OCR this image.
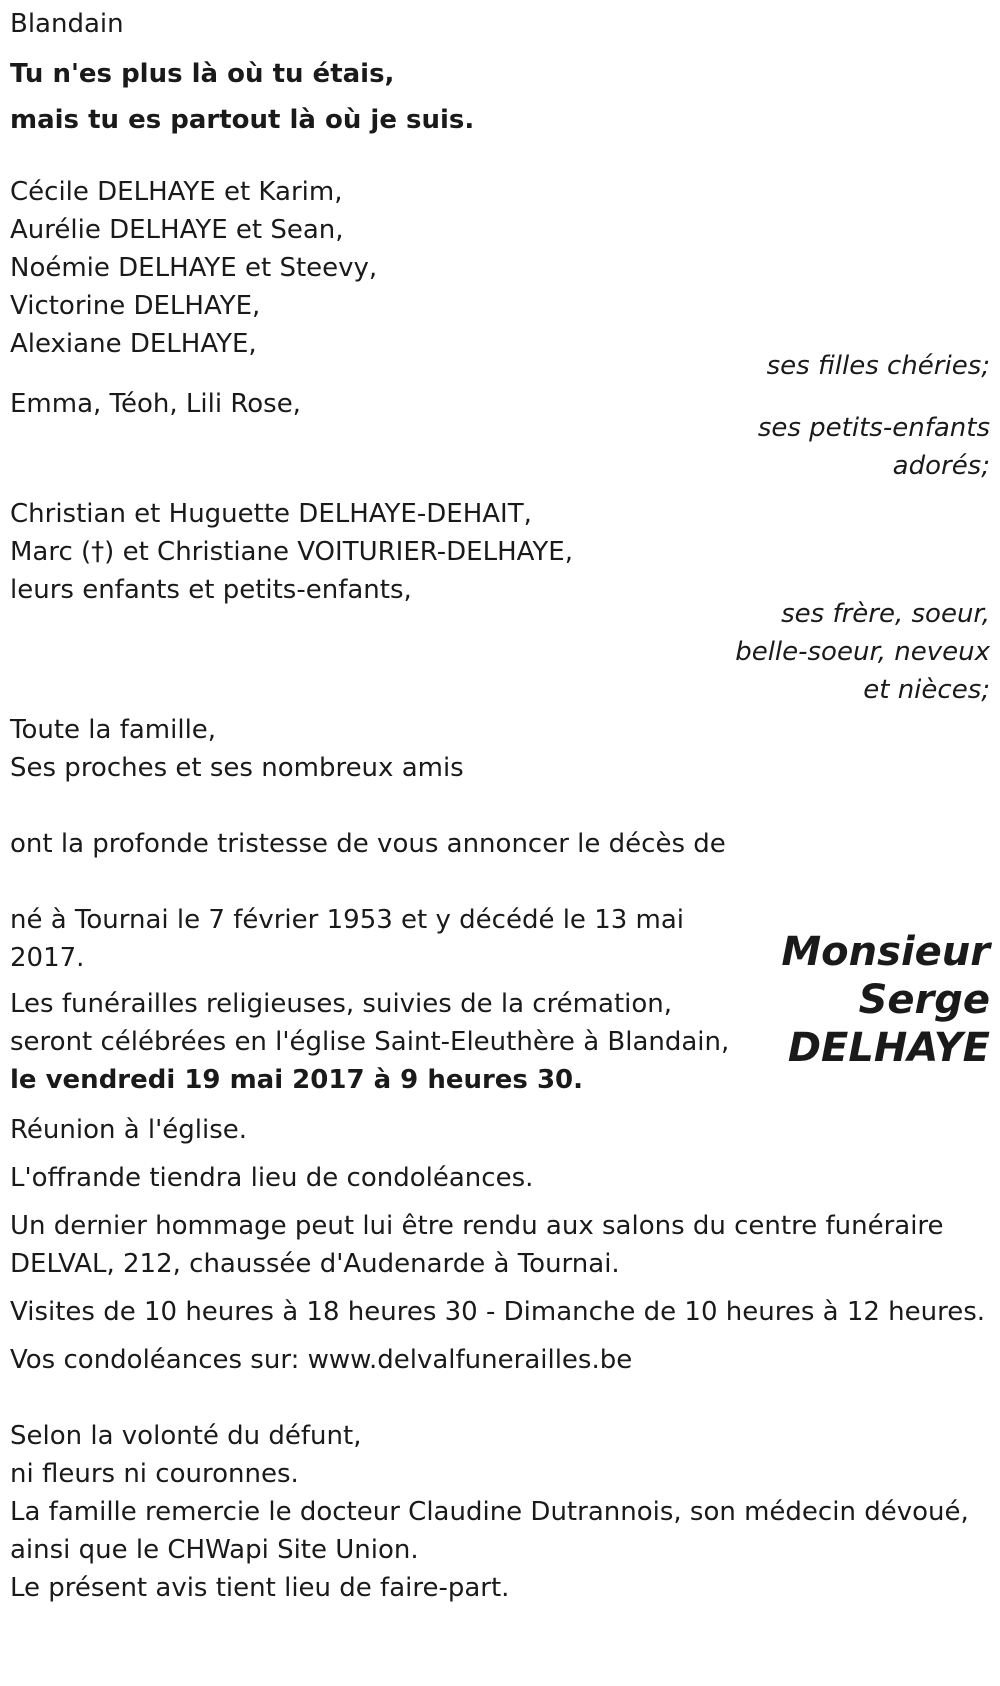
Blandain
Tu n'es plus là où tu étais,
mais tu es partout là où je suis.
Cécile DELHAYE et Karim,
Aurélie DELHAYE et Sean,
Noémie DELHAYE et Steevy,
Victorine DELHAYE,
Alexiane DELHAYE,
ses filles chéries;
Emma, Téoh, Lili Rose,
ses petits-enfants
adorés;
Christian et Huguette DELHAYE-DEHAIT,
Marc (†) et Christiane VOITURIER-DELHAYE,
leurs enfants et petits-enfants,
ses frère, soeur,
belle-soeur, neveux
et nièces;
Toute la famille,
Ses proches et ses nombreux amis
ont la profonde tristesse de vous annoncer le décès de
Monsieur
Serge
DELHAYE
né à Tournai le 7 février 1953 et y décédé le 13 mai
2017.
Les funérailles religieuses, suivies de la crémation,
seront célébrées en l'église Saint-Eleuthère à Blandain,
le vendredi 19 mai 2017 à 9 heures 30.
Réunion à l'église.
L'offrande tiendra lieu de condoléances.
Un dernier hommage peut lui être rendu aux salons du centre funéraire
DELVAL, 212, chaussée d'Audenarde à Tournai.
Visites de 10 heures à 18 heures 30 - Dimanche de 10 heures à 12 heures.
Vos condoléances sur: www.delvalfunerailles.be
Selon la volonté du défunt,
ni fleurs ni couronnes.
La famille remercie le docteur Claudine Dutrannois, son médecin dévoué,
ainsi que le CHWapi Site Union.
Le présent avis tient lieu de faire-part.
